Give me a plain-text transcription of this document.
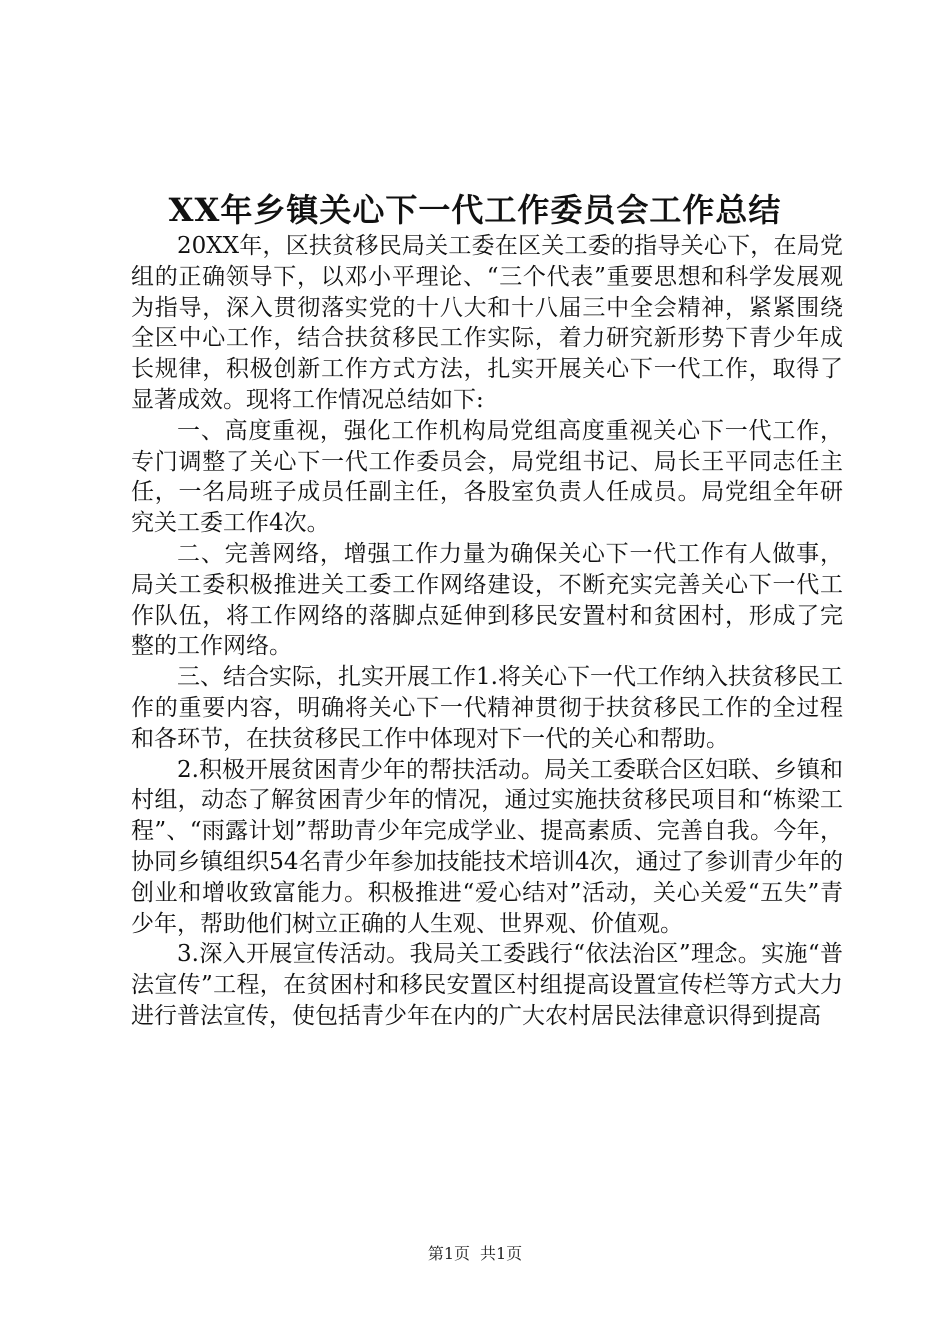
XX年乡镇关心下一代工作委员会工作总结

20XX年，区扶贫移民局关工委在区关工委的指导关心下，在局党组的正确领导下，以邓小平理论、“三个代表”重要思想和科学发展观为指导，深入贯彻落实党的十八大和十八届三中全会精神，紧紧围绕全区中心工作，结合扶贫移民工作实际，着力研究新形势下青少年成长规律，积极创新工作方式方法，扎实开展关心下一代工作，取得了显著成效。现将工作情况总结如下:

一、高度重视，强化工作机构局党组高度重视关心下一代工作，专门调整了关心下一代工作委员会，局党组书记、局长王平同志任主任，一名局班子成员任副主任，各股室负责人任成员。局党组全年研究关工委工作4次。

二、完善网络，增强工作力量为确保关心下一代工作有人做事，局关工委积极推进关工委工作网络建设，不断充实完善关心下一代工作队伍，将工作网络的落脚点延伸到移民安置村和贫困村，形成了完整的工作网络。

三、结合实际，扎实开展工作1.将关心下一代工作纳入扶贫移民工作的重要内容，明确将关心下一代精神贯彻于扶贫移民工作的全过程和各环节，在扶贫移民工作中体现对下一代的关心和帮助。

2.积极开展贫困青少年的帮扶活动。局关工委联合区妇联、乡镇和村组，动态了解贫困青少年的情况，通过实施扶贫移民项目和“栋梁工程”、“雨露计划”帮助青少年完成学业、提高素质、完善自我。今年，协同乡镇组织54名青少年参加技能技术培训4次，通过了参训青少年的创业和增收致富能力。积极推进“爱心结对”活动，关心关爱“五失”青少年，帮助他们树立正确的人生观、世界观、价值观。

3.深入开展宣传活动。我局关工委践行“依法治区”理念。实施“普法宣传”工程，在贫困村和移民安置区村组提高设置宣传栏等方式大力进行普法宣传，使包括青少年在内的广大农村居民法律意识得到提高

第1页 共1页
